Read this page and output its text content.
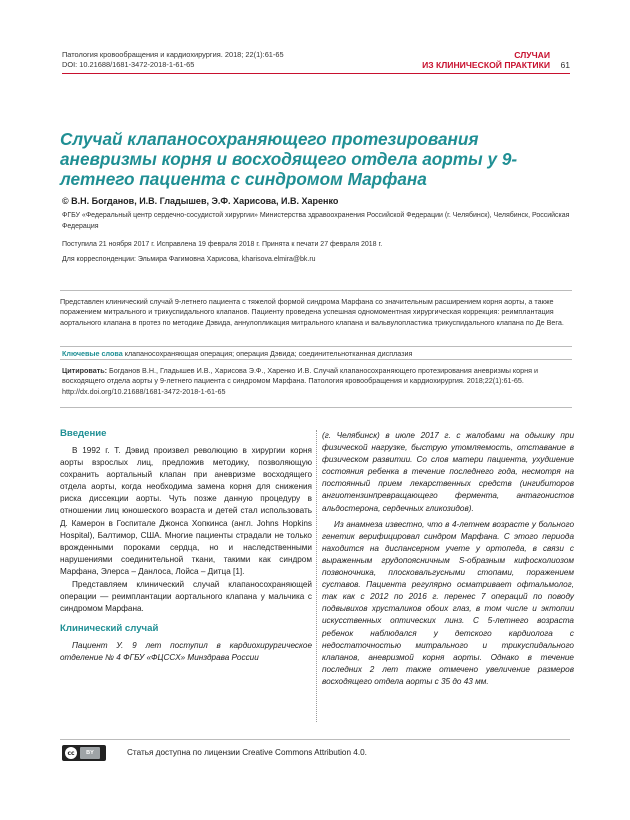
Патология кровообращения и кардиохирургия. 2018; 22(1):61-65
DOI: 10.21688/1681-3472-2018-1-61-65
СЛУЧАИ
ИЗ КЛИНИЧЕСКОЙ ПРАКТИКИ 61
Случай клапаносохраняющего протезирования аневризмы корня и восходящего отдела аорты у 9-летнего пациента с синдромом Марфана
© В.Н. Богданов, И.В. Гладышев, Э.Ф. Харисова, И.В. Харенко
ФГБУ «Федеральный центр сердечно-сосудистой хирургии» Министерства здравоохранения Российской Федерации (г. Челябинск), Челябинск, Российская Федерация
Поступила 21 ноября 2017 г. Исправлена 19 февраля 2018 г. Принята к печати 27 февраля 2018 г.
Для корреспонденции: Эльмира Фагимовна Харисова, kharisova.elmira@bk.ru
Представлен клинический случай 9-летнего пациента с тяжелой формой синдрома Марфана со значительным расширением корня аорты, а также поражением митрального и трикуспидального клапанов. Пациенту проведена успешная одномоментная хирургическая коррекция: реимплантация аортального клапана в протез по методике Дэвида, аннулопликация митрального клапана и вальвулопластика трикуспидального клапана по Де Вега.
Ключевые слова клапаносохраняющая операция; операция Дэвида; соединительнотканная дисплазия
Цитировать: Богданов В.Н., Гладышев И.В., Харисова Э.Ф., Харенко И.В. Случай клапаносохраняющего протезирования аневризмы корня и восходящего отдела аорты у 9-летнего пациента с синдромом Марфана. Патология кровообращения и кардиохирургия. 2018;22(1):61-65. http://dx.doi.org/10.21688/1681-3472-2018-1-61-65
Введение

В 1992 г. Т. Дэвид произвел революцию в хирургии корня аорты взрослых лиц, предложив методику, позволяющую сохранить аортальный клапан при аневризме восходящего отдела аорты, когда необходима замена корня для снижения риска диссекции аорты. Чуть позже данную процедуру в отношении лиц юношеского возраста и детей стал использовать Д. Камерон в Госпитале Джонса Хопкинса (англ. Johns Hopkins Hospital), Балтимор, США. Многие пациенты страдали не только врожденными пороками сердца, но и наследственными нарушениями соединительной ткани, такими как синдром Марфана, Элерса – Данлоса, Лойса – Дитца [1].

Представляем клинический случай клапаносохраняющей операции — реимплантации аортального клапана у мальчика с синдромом Марфана.

Клинический случай

Пациент У. 9 лет поступил в кардиохирургическое отделение № 4 ФГБУ «ФЦССХ» Минздрава России

(г. Челябинск) в июле 2017 г. с жалобами на одышку при физической нагрузке, быструю утомляемость, отставание в физическом развитии. Со слов матери пациента, ухудшение состояния ребенка в течение последнего года, несмотря на постоянный прием лекарственных средств (ингибиторов ангиотензинпревращающего фермента, антагонистов альдостерона, сердечных гликозидов).

Из анамнеза известно, что в 4-летнем возрасте у больного генетик верифицировал синдром Марфана. С этого периода находится на диспансерном учете у ортопеда, в связи с выраженным грудопоясничным S-образным кифосколиозом позвоночника, плосковальгусными стопами, поражением суставов. Пациента регулярно осматривает офтальмолог, так как с 2012 по 2016 г. перенес 7 операций по поводу подвывихов хрусталиков обоих глаз, в том числе и эктопии искусственных оптических линз. С 5-летнего возраста ребенок наблюдался у детского кардиолога с недостаточностью митрального и трикуспидального клапанов, аневризмой корня аорты. Однако в течение последних 2 лет также отмечено увеличение размеров восходящего отдела аорты с 35 до 43 мм.

cc	BY	Статья доступна по лицензии Creative Commons Attribution 4.0.
